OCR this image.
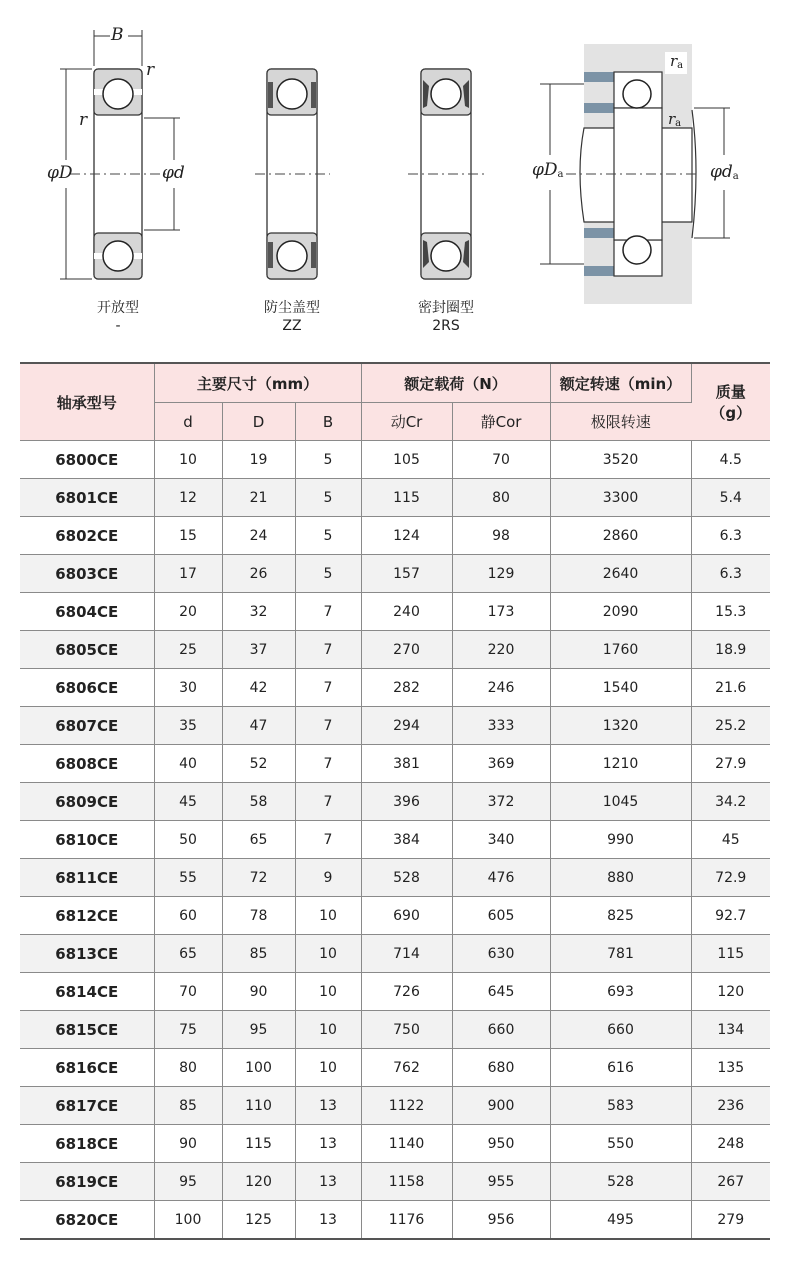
B
r
r
φD	φd	$\varphi D_a$	$\varphi d_a$
$r_a$
$r_a$
开放型
-
防尘盖型
ZZ
密封圈型
2RS
轴承型号	主要尺寸（mm）			额定载荷（N）		额定转速（min）	质量（g）
	d	D	B	动Cr	静Cor	极限转速	
6800CE	10	19	5	105	70	3520	4.5
6801CE	12	21	5	115	80	3300	5.4
6802CE	15	24	5	124	98	2860	6.3
6803CE	17	26	5	157	129	2640	6.3
6804CE	20	32	7	240	173	2090	15.3
6805CE	25	37	7	270	220	1760	18.9
6806CE	30	42	7	282	246	1540	21.6
6807CE	35	47	7	294	333	1320	25.2
6808CE	40	52	7	381	369	1210	27.9
6809CE	45	58	7	396	372	1045	34.2
6810CE	50	65	7	384	340	990	45
6811CE	55	72	9	528	476	880	72.9
6812CE	60	78	10	690	605	825	92.7
6813CE	65	85	10	714	630	781	115
6814CE	70	90	10	726	645	693	120
6815CE	75	95	10	750	660	660	134
6816CE	80	100	10	762	680	616	135
6817CE	85	110	13	1122	900	583	236
6818CE	90	115	13	1140	950	550	248
6819CE	95	120	13	1158	955	528	267
6820CE	100	125	13	1176	956	495	279
